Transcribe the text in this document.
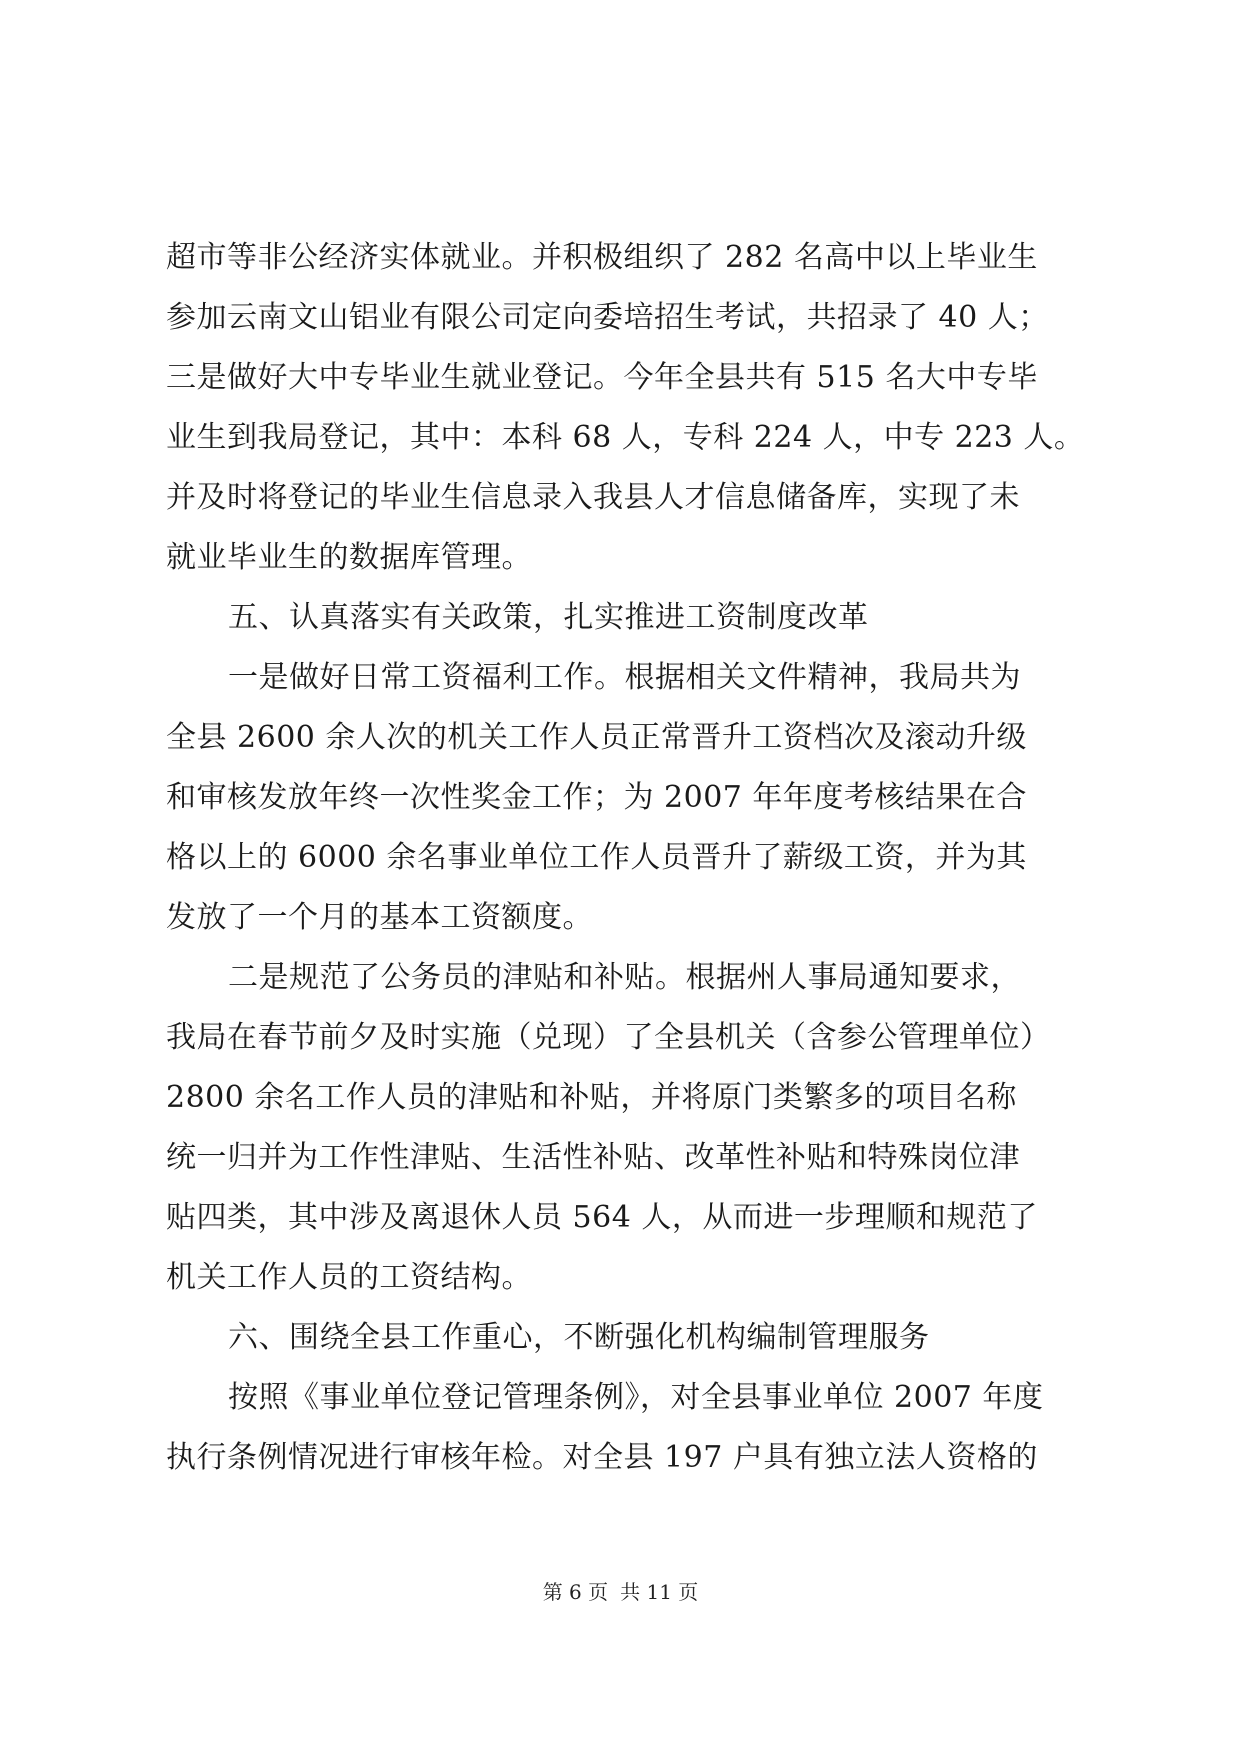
超市等非公经济实体就业。并积极组织了 282 名高中以上毕业生
参加云南文山铝业有限公司定向委培招生考试，共招录了 40 人；
三是做好大中专毕业生就业登记。今年全县共有 515 名大中专毕
业生到我局登记，其中：本科 68 人，专科 224 人，中专 223 人。
并及时将登记的毕业生信息录入我县人才信息储备库，实现了未
就业毕业生的数据库管理。
五、认真落实有关政策，扎实推进工资制度改革
一是做好日常工资福利工作。根据相关文件精神，我局共为
全县 2600 余人次的机关工作人员正常晋升工资档次及滚动升级
和审核发放年终一次性奖金工作；为 2007 年年度考核结果在合
格以上的 6000 余名事业单位工作人员晋升了薪级工资，并为其
发放了一个月的基本工资额度。
二是规范了公务员的津贴和补贴。根据州人事局通知要求，
我局在春节前夕及时实施（兑现）了全县机关（含参公管理单位）
2800 余名工作人员的津贴和补贴，并将原门类繁多的项目名称
统一归并为工作性津贴、生活性补贴、改革性补贴和特殊岗位津
贴四类，其中涉及离退休人员 564 人，从而进一步理顺和规范了
机关工作人员的工资结构。
六、围绕全县工作重心，不断强化机构编制管理服务
按照《事业单位登记管理条例》，对全县事业单位 2007 年度
执行条例情况进行审核年检。对全县 197 户具有独立法人资格的
第 6 页 共 11 页
